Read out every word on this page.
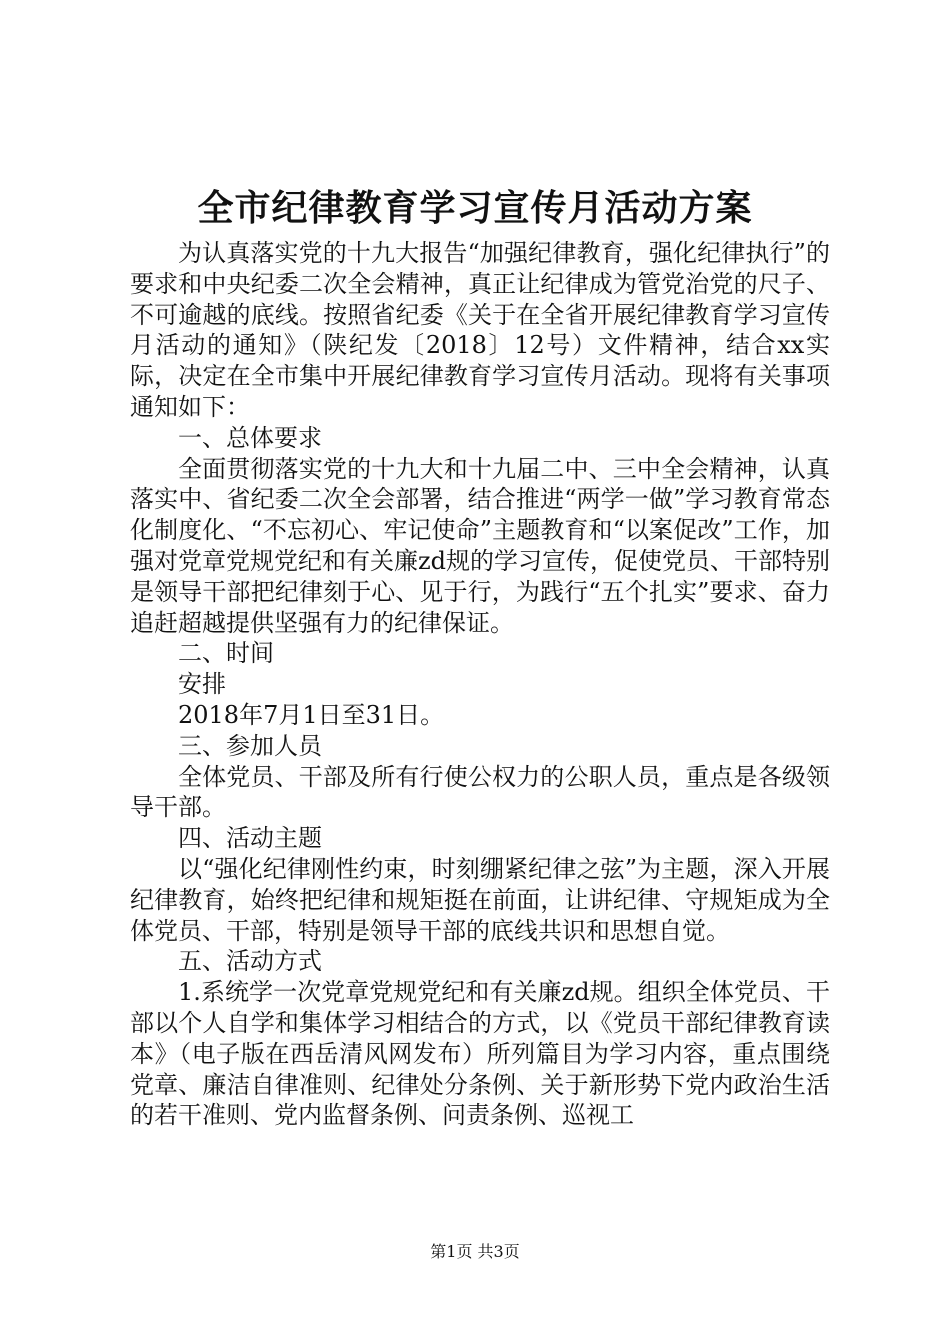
全市纪律教育学习宣传月活动方案

为认真落实党的十九大报告“加强纪律教育，强化纪律执行”的要求和中央纪委二次全会精神，真正让纪律成为管党治党的尺子、不可逾越的底线。按照省纪委《关于在全省开展纪律教育学习宣传月活动的通知》（陕纪发〔2018〕12号）文件精神，结合xx实际，决定在全市集中开展纪律教育学习宣传月活动。现将有关事项通知如下：

一、总体要求

全面贯彻落实党的十九大和十九届二中、三中全会精神，认真落实中、省纪委二次全会部署，结合推进“两学一做”学习教育常态化制度化、“不忘初心、牢记使命”主题教育和“以案促改”工作，加强对党章党规党纪和有关廉zd规的学习宣传，促使党员、干部特别是领导干部把纪律刻于心、见于行，为践行“五个扎实”要求、奋力追赶超越提供坚强有力的纪律保证。

二、时间

安排

2018年7月1日至31日。

三、参加人员

全体党员、干部及所有行使公权力的公职人员，重点是各级领导干部。

四、活动主题

以“强化纪律刚性约束，时刻绷紧纪律之弦”为主题，深入开展纪律教育，始终把纪律和规矩挺在前面，让讲纪律、守规矩成为全体党员、干部，特别是领导干部的底线共识和思想自觉。

五、活动方式

1.系统学一次党章党规党纪和有关廉zd规。组织全体党员、干部以个人自学和集体学习相结合的方式，以《党员干部纪律教育读本》（电子版在西岳清风网发布）所列篇目为学习内容，重点围绕党章、廉洁自律准则、纪律处分条例、关于新形势下党内政治生活的若干准则、党内监督条例、问责条例、巡视工

第1页 共3页
